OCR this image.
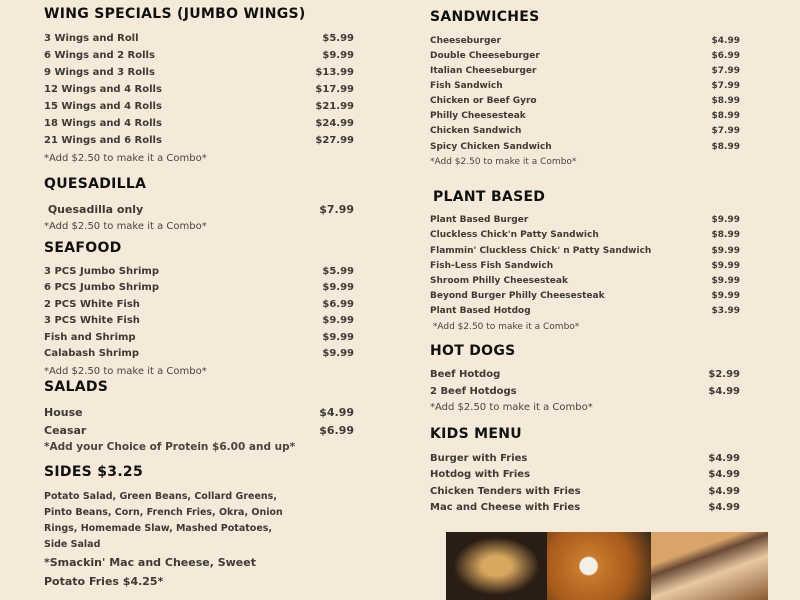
WING SPECIALS (JUMBO WINGS)
3 Wings and Roll	$5.99
6 Wings and 2 Rolls	$9.99
9 Wings and 3 Rolls	$13.99
12 Wings and 4 Rolls	$17.99
15 Wings and 4 Rolls	$21.99
18 Wings and 4 Rolls	$24.99
21 Wings and 6 Rolls	$27.99
*Add $2.50 to make it a Combo*
QUESADILLA
Quesadilla only	$7.99
*Add $2.50 to make it a Combo*
SEAFOOD
3 PCS Jumbo Shrimp	$5.99
6 PCS Jumbo Shrimp	$9.99
2 PCS White Fish	$6.99
3 PCS White Fish	$9.99
Fish and Shrimp	$9.99
Calabash Shrimp	$9.99
*Add $2.50 to make it a Combo*
SALADS
House	$4.99
Ceasar	$6.99
*Add your Choice of Protein $6.00 and up*
SIDES $3.25
Potato Salad, Green Beans, Collard Greens, Pinto Beans, Corn, French Fries, Okra, Onion Rings, Homemade Slaw, Mashed Potatoes, Side Salad
*Smackin' Mac and Cheese, Sweet Potato Fries $4.25*
SANDWICHES
Cheeseburger	$4.99
Double Cheeseburger	$6.99
Italian Cheeseburger	$7.99
Fish Sandwich	$7.99
Chicken or Beef Gyro	$8.99
Philly Cheesesteak	$8.99
Chicken Sandwich	$7.99
Spicy Chicken Sandwich	$8.99
*Add $2.50 to make it a Combo*
PLANT BASED
Plant Based Burger	$9.99
Cluckless Chick'n Patty Sandwich	$8.99
Flammin' Cluckless Chick' n Patty Sandwich	$9.99
Fish-Less Fish Sandwich	$9.99
Shroom Philly Cheesesteak	$9.99
Beyond Burger Philly Cheesesteak	$9.99
Plant Based Hotdog	$3.99
*Add $2.50 to make it a Combo*
HOT DOGS
Beef Hotdog	$2.99
2 Beef Hotdogs	$4.99
*Add $2.50 to make it a Combo*
KIDS MENU
Burger with Fries	$4.99
Hotdog with Fries	$4.99
Chicken Tenders with Fries	$4.99
Mac and Cheese with Fries	$4.99
